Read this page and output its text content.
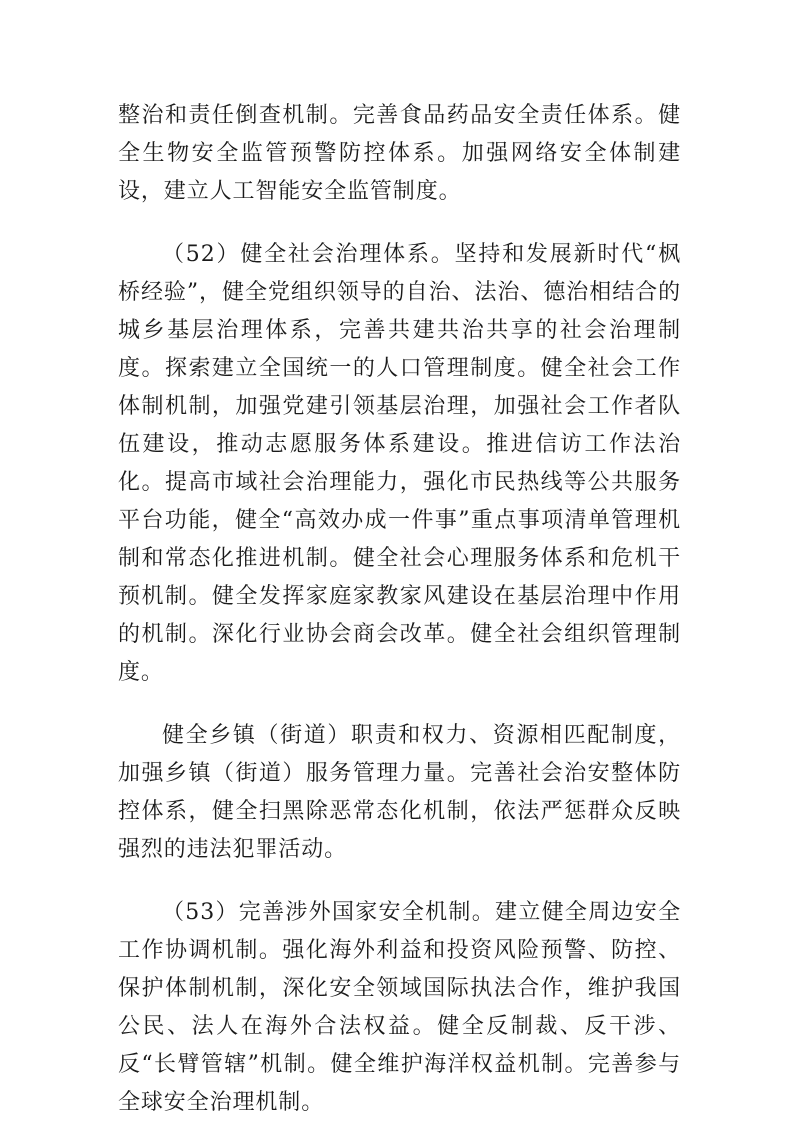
整治和责任倒查机制。完善食品药品安全责任体系。健全生物安全监管预警防控体系。加强网络安全体制建设，建立人工智能安全监管制度。

（52）健全社会治理体系。坚持和发展新时代“枫桥经验”，健全党组织领导的自治、法治、德治相结合的城乡基层治理体系，完善共建共治共享的社会治理制度。探索建立全国统一的人口管理制度。健全社会工作体制机制，加强党建引领基层治理，加强社会工作者队伍建设，推动志愿服务体系建设。推进信访工作法治化。提高市域社会治理能力，强化市民热线等公共服务平台功能，健全“高效办成一件事”重点事项清单管理机制和常态化推进机制。健全社会心理服务体系和危机干预机制。健全发挥家庭家教家风建设在基层治理中作用的机制。深化行业协会商会改革。健全社会组织管理制度。

健全乡镇（街道）职责和权力、资源相匹配制度，加强乡镇（街道）服务管理力量。完善社会治安整体防控体系，健全扫黑除恶常态化机制，依法严惩群众反映强烈的违法犯罪活动。

（53）完善涉外国家安全机制。建立健全周边安全工作协调机制。强化海外利益和投资风险预警、防控、保护体制机制，深化安全领域国际执法合作，维护我国公民、法人在海外合法权益。健全反制裁、反干涉、反“长臂管辖”机制。健全维护海洋权益机制。完善参与全球安全治理机制。
